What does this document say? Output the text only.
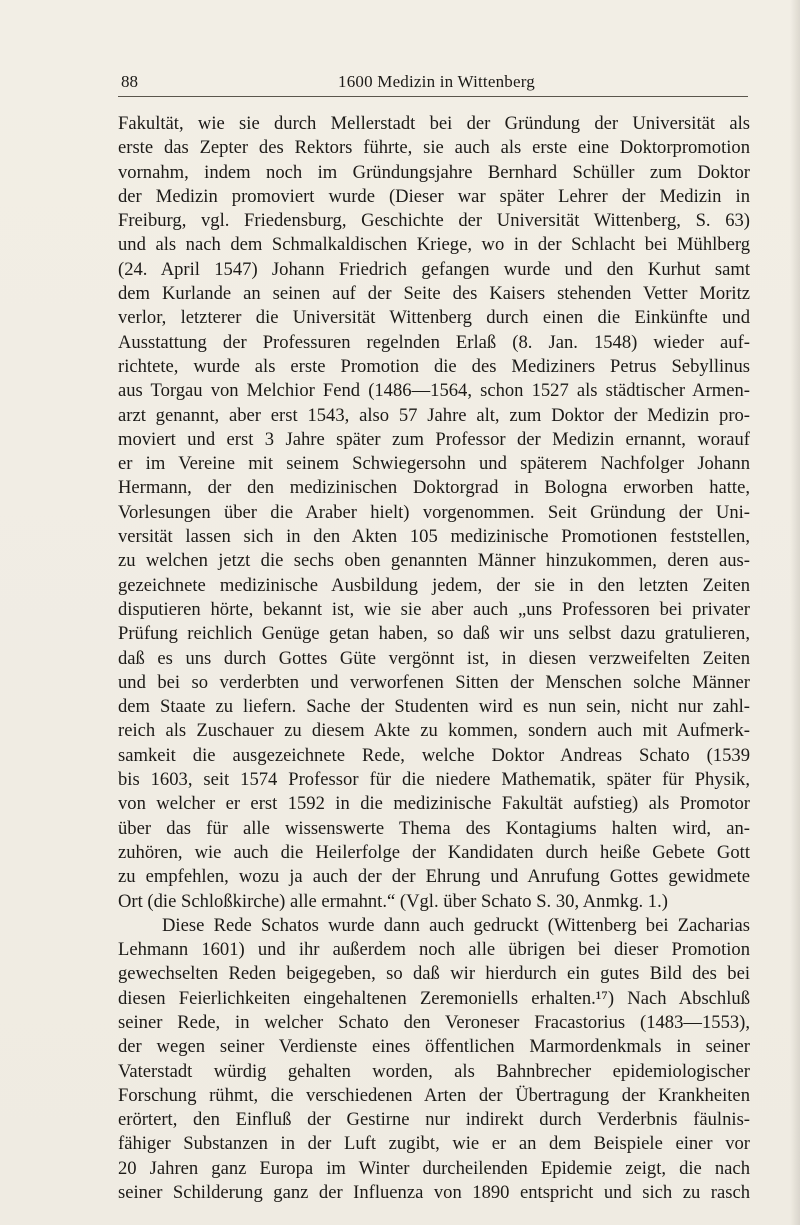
88	1600 Medizin in Wittenberg
Fakultät, wie sie durch Mellerstadt bei der Gründung der Universität als
erste das Zepter des Rektors führte, sie auch als erste eine Doktorpromotion
vornahm, indem noch im Gründungsjahre Bernhard Schüller zum Doktor
der Medizin promoviert wurde (Dieser war später Lehrer der Medizin in
Freiburg, vgl. Friedensburg, Geschichte der Universität Wittenberg, S. 63)
und als nach dem Schmalkaldischen Kriege, wo in der Schlacht bei Mühlberg
(24. April 1547) Johann Friedrich gefangen wurde und den Kurhut samt
dem Kurlande an seinen auf der Seite des Kaisers stehenden Vetter Moritz
verlor, letzterer die Universität Wittenberg durch einen die Einkünfte und
Ausstattung der Professuren regelnden Erlaß (8. Jan. 1548) wieder auf-
richtete, wurde als erste Promotion die des Mediziners Petrus Sebyllinus
aus Torgau von Melchior Fend (1486—1564, schon 1527 als städtischer Armen-
arzt genannt, aber erst 1543, also 57 Jahre alt, zum Doktor der Medizin pro-
moviert und erst 3 Jahre später zum Professor der Medizin ernannt, worauf
er im Vereine mit seinem Schwiegersohn und späterem Nachfolger Johann
Hermann, der den medizinischen Doktorgrad in Bologna erworben hatte,
Vorlesungen über die Araber hielt) vorgenommen. Seit Gründung der Uni-
versität lassen sich in den Akten 105 medizinische Promotionen feststellen,
zu welchen jetzt die sechs oben genannten Männer hinzukommen, deren aus-
gezeichnete medizinische Ausbildung jedem, der sie in den letzten Zeiten
disputieren hörte, bekannt ist, wie sie aber auch „uns Professoren bei privater
Prüfung reichlich Genüge getan haben, so daß wir uns selbst dazu gratulieren,
daß es uns durch Gottes Güte vergönnt ist, in diesen verzweifelten Zeiten
und bei so verderbten und verworfenen Sitten der Menschen solche Männer
dem Staate zu liefern. Sache der Studenten wird es nun sein, nicht nur zahl-
reich als Zuschauer zu diesem Akte zu kommen, sondern auch mit Aufmerk-
samkeit die ausgezeichnete Rede, welche Doktor Andreas Schato (1539
bis 1603, seit 1574 Professor für die niedere Mathematik, später für Physik,
von welcher er erst 1592 in die medizinische Fakultät aufstieg) als Promotor
über das für alle wissenswerte Thema des Kontagiums halten wird, an-
zuhören, wie auch die Heilerfolge der Kandidaten durch heiße Gebete Gott
zu empfehlen, wozu ja auch der der Ehrung und Anrufung Gottes gewidmete
Ort (die Schloßkirche) alle ermahnt.“ (Vgl. über Schato S. 30, Anmkg. 1.)
Diese Rede Schatos wurde dann auch gedruckt (Wittenberg bei Zacharias
Lehmann 1601) und ihr außerdem noch alle übrigen bei dieser Promotion
gewechselten Reden beigegeben, so daß wir hierdurch ein gutes Bild des bei
diesen Feierlichkeiten eingehaltenen Zeremoniells erhalten.¹⁷) Nach Abschluß
seiner Rede, in welcher Schato den Veroneser Fracastorius (1483—1553),
der wegen seiner Verdienste eines öffentlichen Marmordenkmals in seiner
Vaterstadt würdig gehalten worden, als Bahnbrecher epidemiologischer
Forschung rühmt, die verschiedenen Arten der Übertragung der Krankheiten
erörtert, den Einfluß der Gestirne nur indirekt durch Verderbnis fäulnis-
fähiger Substanzen in der Luft zugibt, wie er an dem Beispiele einer vor
20 Jahren ganz Europa im Winter durcheilenden Epidemie zeigt, die nach
seiner Schilderung ganz der Influenza von 1890 entspricht und sich zu rasch
